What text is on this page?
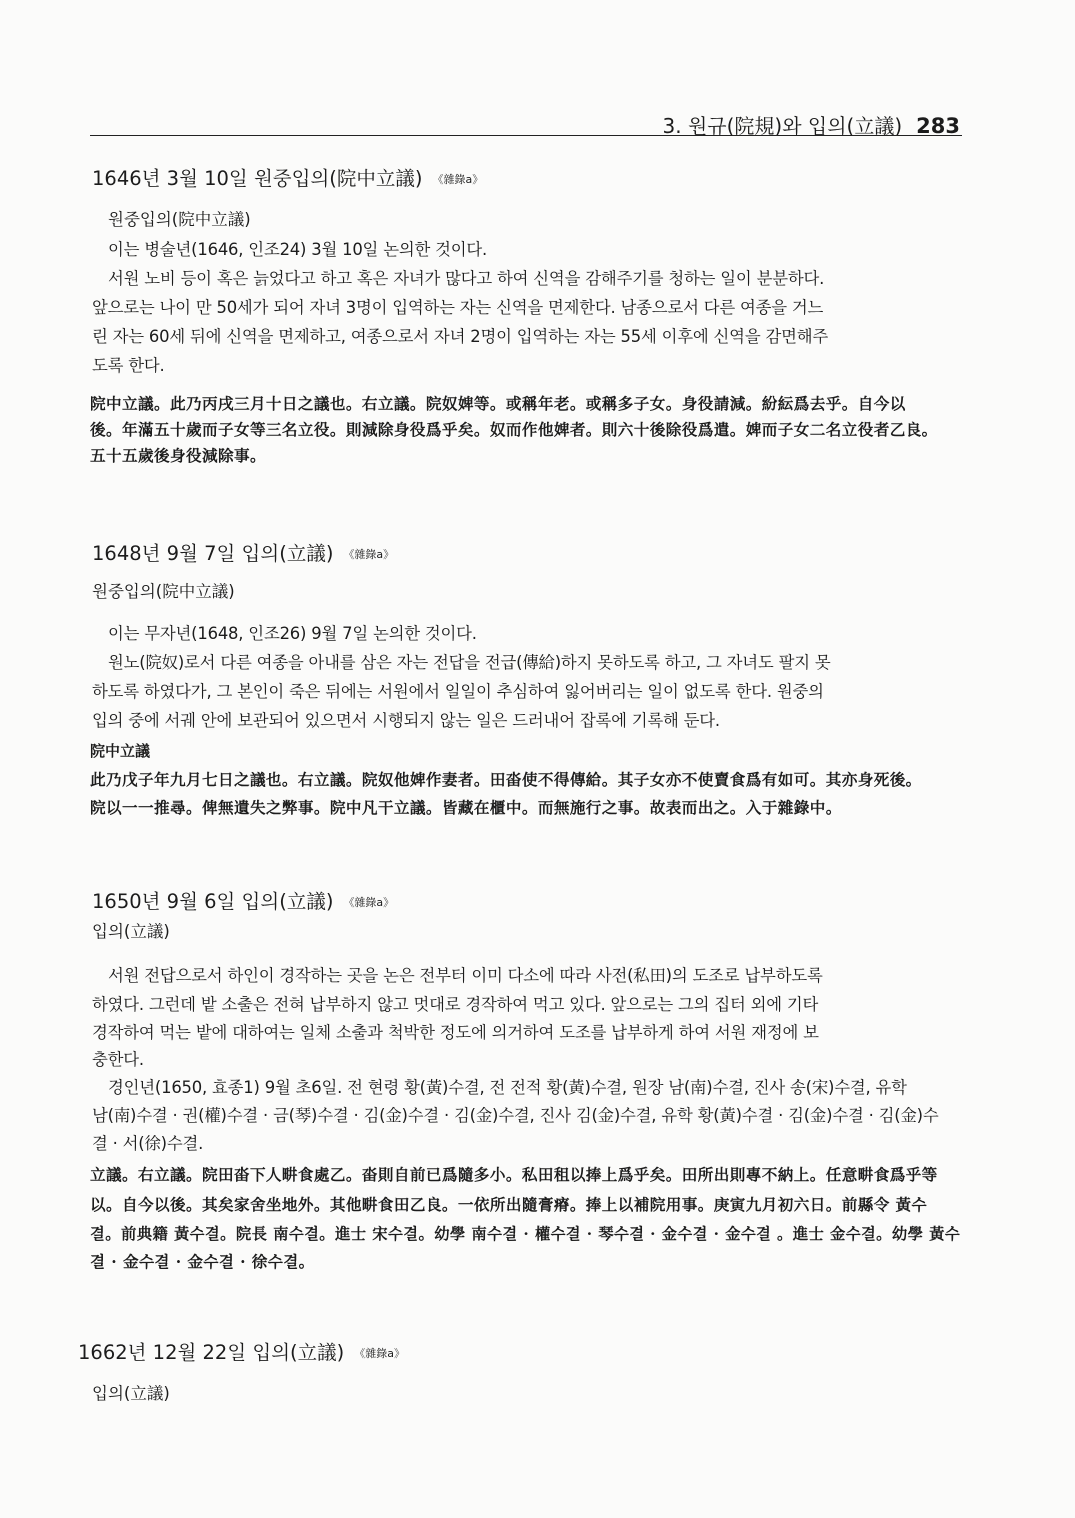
3. 원규(院規)와 입의(立議) 283
1646년 3월 10일 원중입의(院中立議) 《雜錄a》
원중입의(院中立議)
이는 병술년(1646, 인조24) 3월 10일 논의한 것이다.
서원 노비 등이 혹은 늙었다고 하고 혹은 자녀가 많다고 하여 신역을 감해주기를 청하는 일이 분분하다.
앞으로는 나이 만 50세가 되어 자녀 3명이 입역하는 자는 신역을 면제한다. 남종으로서 다른 여종을 거느
린 자는 60세 뒤에 신역을 면제하고, 여종으로서 자녀 2명이 입역하는 자는 55세 이후에 신역을 감면해주
도록 한다.
院中立議。此乃丙戌三月十日之議也。右立議。院奴婢等。或稱年老。或稱多子女。身役請減。紛紜爲去乎。自今以
後。年滿五十歲而子女等三名立役。則減除身役爲乎矣。奴而作他婢者。則六十後除役爲遣。婢而子女二名立役者乙良。
五十五歲後身役減除事。
1648년 9월 7일 입의(立議) 《雜錄a》
원중입의(院中立議)
이는 무자년(1648, 인조26) 9월 7일 논의한 것이다.
원노(院奴)로서 다른 여종을 아내를 삼은 자는 전답을 전급(傳給)하지 못하도록 하고, 그 자녀도 팔지 못
하도록 하였다가, 그 본인이 죽은 뒤에는 서원에서 일일이 추심하여 잃어버리는 일이 없도록 한다. 원중의
입의 중에 서궤 안에 보관되어 있으면서 시행되지 않는 일은 드러내어 잡록에 기록해 둔다.
院中立議
此乃戊子年九月七日之議也。右立議。院奴他婢作妻者。田畓使不得傳給。其子女亦不使賣食爲有如可。其亦身死後。
院以一一推尋。俾無遺失之弊事。院中凡干立議。皆藏在櫃中。而無施行之事。故表而出之。入于雜錄中。
1650년 9월 6일 입의(立議) 《雜錄a》
입의(立議)
서원 전답으로서 하인이 경작하는 곳을 논은 전부터 이미 다소에 따라 사전(私田)의 도조로 납부하도록
하였다. 그런데 밭 소출은 전혀 납부하지 않고 멋대로 경작하여 먹고 있다. 앞으로는 그의 집터 외에 기타
경작하여 먹는 밭에 대하여는 일체 소출과 척박한 정도에 의거하여 도조를 납부하게 하여 서원 재정에 보
충한다.
경인년(1650, 효종1) 9월 초6일. 전 현령 황(黃)수결, 전 전적 황(黃)수결, 원장 남(南)수결, 진사 송(宋)수결, 유학
남(南)수결 · 권(權)수결 · 금(琴)수결 · 김(金)수결 · 김(金)수결, 진사 김(金)수결, 유학 황(黃)수결 · 김(金)수결 · 김(金)수
결 · 서(徐)수결.
立議。右立議。院田畓下人畊食處乙。畓則自前已爲隨多小。私田租以捧上爲乎矣。田所出則專不納上。任意畊食爲乎等
以。自今以後。其矣家舍坐地外。其他畊食田乙良。一依所出隨膏瘠。捧上以補院用事。庚寅九月初六日。前縣令 黃수
결。前典籍 黃수결。院長 南수결。進士 宋수결。幼學 南수결 · 權수결 · 琴수결 · 金수결 · 金수결 。進士 金수결。幼學 黃수
결 · 金수결 · 金수결 · 徐수결。
1662년 12월 22일 입의(立議) 《雜錄a》
입의(立議)
